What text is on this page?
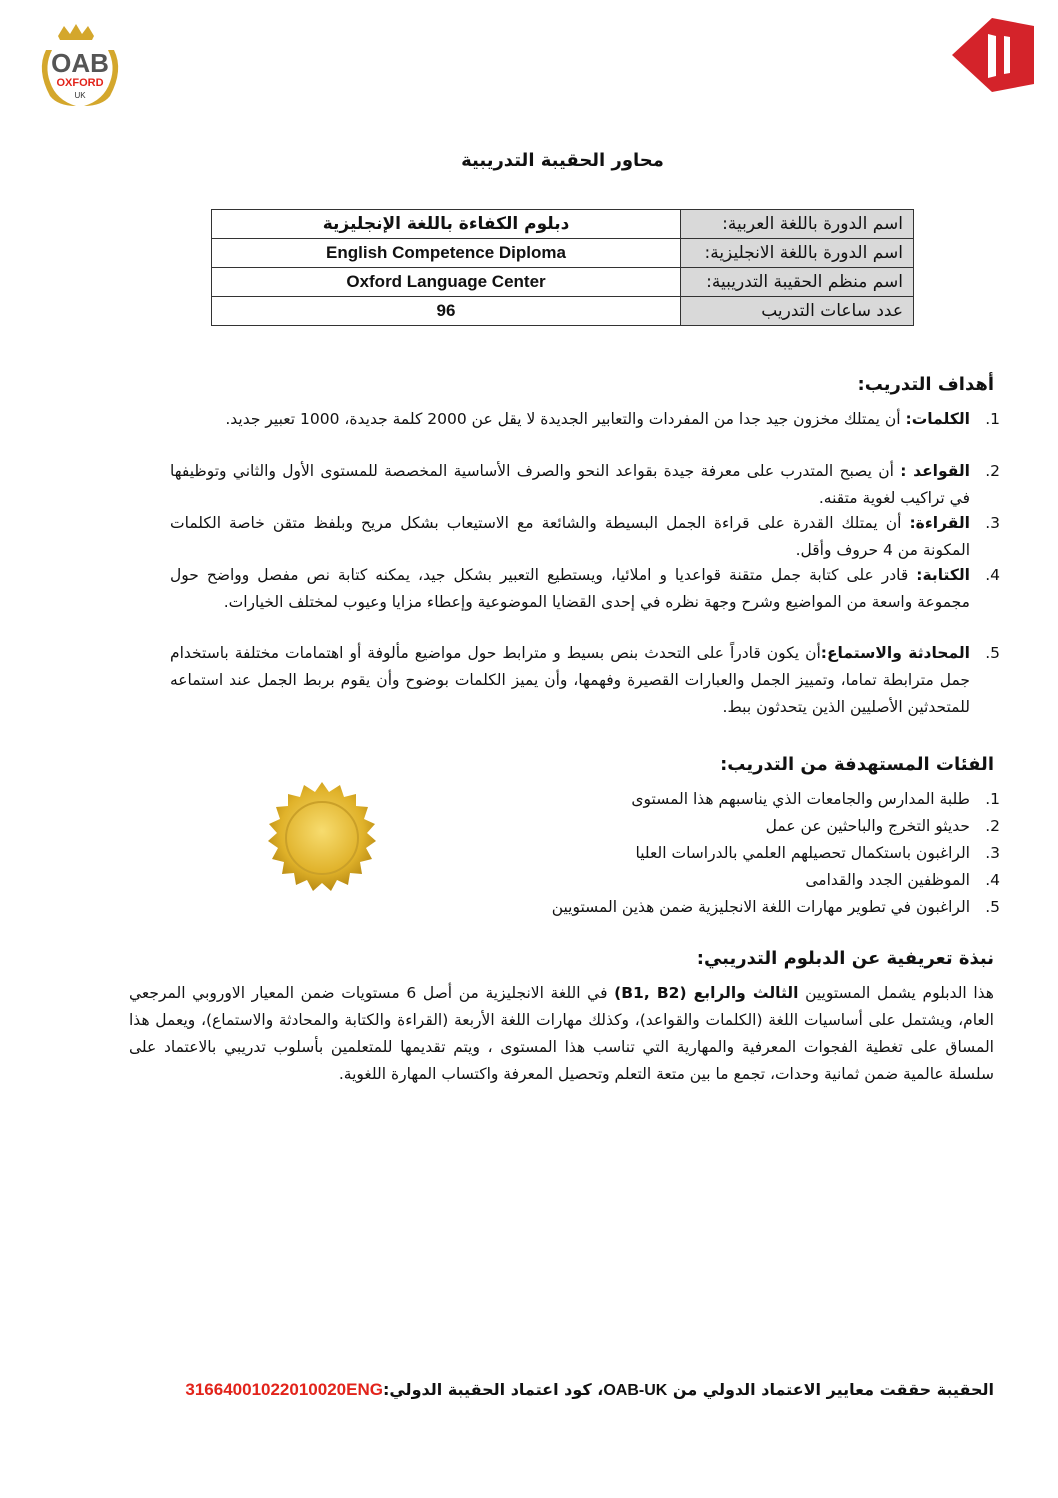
OAB
OXFORD
UK
محاور الحقيبة التدريبية
اسم الدورة باللغة العربية:	دبلوم الكفاءة باللغة الإنجليزية
اسم الدورة باللغة الانجليزية:	English Competence Diploma
اسم منظم الحقيبة التدريبية:	Oxford Language Center
عدد ساعات التدريب	96
أهداف التدريب:
1.
الكلمات: أن يمتلك مخزون جيد جدا من المفردات والتعابير الجديدة لا يقل عن 2000 كلمة جديدة، 1000 تعبير جديد.
2.
القواعد : أن يصبح المتدرب على معرفة جيدة بقواعد النحو والصرف الأساسية المخصصة للمستوى الأول والثاني وتوظيفها في تراكيب لغوية متقنه.
3.
القراءة: أن يمتلك القدرة على قراءة الجمل البسيطة والشائعة مع الاستيعاب بشكل مريح وبلفظ متقن خاصة الكلمات المكونة من 4 حروف وأقل.
4.
الكتابة: قادر على كتابة جمل متقنة قواعديا و املائيا، ويستطيع التعبير بشكل جيد، يمكنه كتابة نص مفصل وواضح حول مجموعة واسعة من المواضيع وشرح وجهة نظره في إحدى القضايا الموضوعية وإعطاء مزايا وعيوب لمختلف الخيارات.
5.
المحادثة والاستماع:أن يكون قادراً على التحدث بنص بسيط و مترابط حول مواضيع مألوفة أو اهتمامات مختلفة باستخدام جمل مترابطة تماما، وتمييز الجمل والعبارات القصيرة وفهمها، وأن يميز الكلمات بوضوح وأن يقوم بربط الجمل عند استماعه للمتحدثين الأصليين الذين يتحدثون ببط.
الفئات المستهدفة من التدريب:
1.
طلبة المدارس والجامعات الذي يناسبهم هذا المستوى
2.
حديثو التخرج والباحثين عن عمل
3.
الراغبون باستكمال تحصيلهم العلمي بالدراسات العليا
4.
الموظفين الجدد والقدامى
5.
الراغبون في تطوير مهارات اللغة الانجليزية ضمن هذين المستويين
نبذة تعريفية عن الدبلوم التدريبي:
هذا الدبلوم يشمل المستويين الثالث والرابع (B1, B2) في اللغة الانجليزية من أصل 6 مستويات ضمن المعيار الاوروبي المرجعي العام، ويشتمل على أساسيات اللغة (الكلمات والقواعد)، وكذلك مهارات اللغة الأربعة (القراءة والكتابة والمحادثة والاستماع)، ويعمل هذا المساق على تغطية الفجوات المعرفية والمهارية التي تناسب هذا المستوى ، ويتم تقديمها للمتعلمين بأسلوب تدريبي بالاعتماد على سلسلة عالمية ضمن ثمانية وحدات، تجمع ما بين متعة التعلم وتحصيل المعرفة واكتساب المهارة اللغوية.
الحقيبة حققت معايير الاعتماد الدولي من OAB-UK، كود اعتماد الحقيبة الدولي:31664001022010020ENG
